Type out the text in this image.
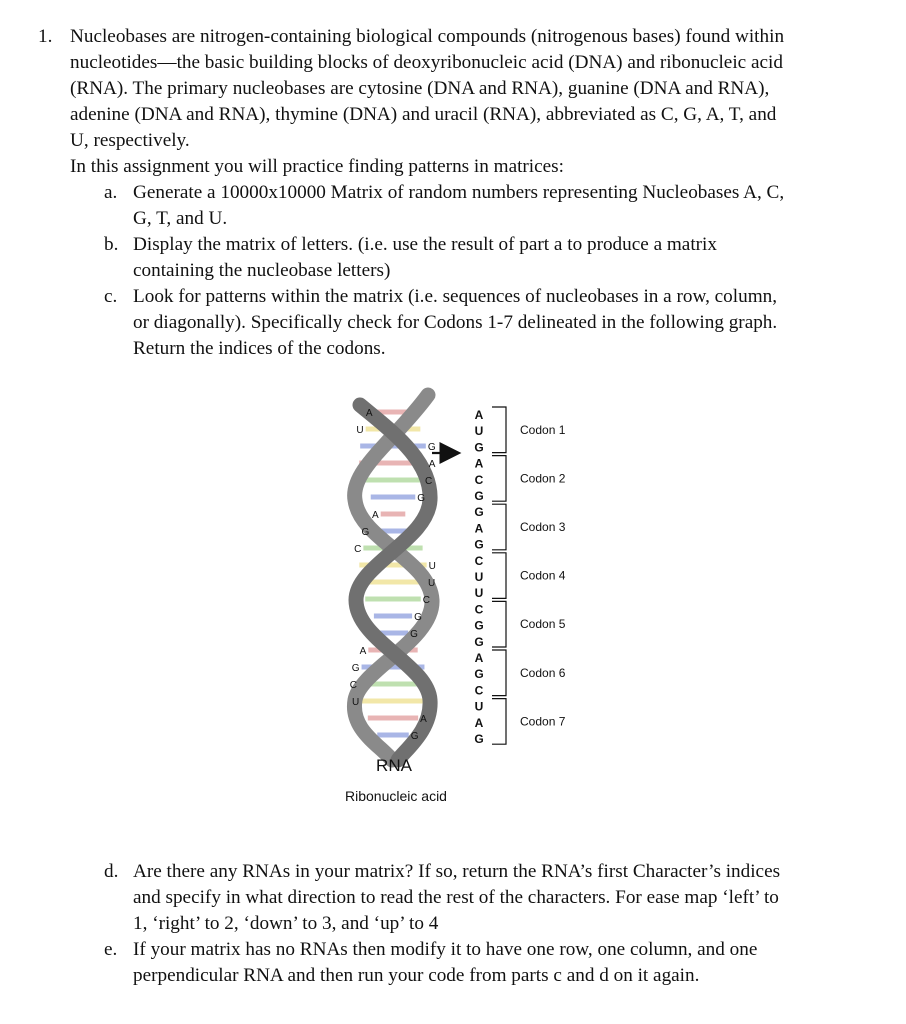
1. Nucleobases are nitrogen-containing biological compounds (nitrogenous bases) found within
nucleotides—the basic building blocks of deoxyribonucleic acid (DNA) and ribonucleic acid
(RNA). The primary nucleobases are cytosine (DNA and RNA), guanine (DNA and RNA),
adenine (DNA and RNA), thymine (DNA) and uracil (RNA), abbreviated as C, G, A, T, and
U, respectively.
In this assignment you will practice finding patterns in matrices:
a. Generate a 10000x10000 Matrix of random numbers representing Nucleobases A, C,
G, T, and U.
b. Display the matrix of letters. (i.e. use the result of part a to produce a matrix
containing the nucleobase letters)
c. Look for patterns within the matrix (i.e. sequences of nucleobases in a row, column,
or diagonally). Specifically check for Codons 1-7 delineated in the following graph.
Return the indices of the codons.
d. Are there any RNAs in your matrix? If so, return the RNA’s first Character’s indices
and specify in what direction to read the rest of the characters. For ease map ‘left’ to
1, ‘right’ to 2, ‘down’ to 3, and ‘up’ to 4
e. If your matrix has no RNAs then modify it to have one row, one column, and one
perpendicular RNA and then run your code from parts c and d on it again.
A
U
G
A
C
G
A
G
C
U
U
C
G
G
A
G
C
U
A
G
A
U
G
A
C
G
G
A
G
C
U
U
C
G
G
A
G
C
U
A
G
Codon 1
Codon 2
Codon 3
Codon 4
Codon 5
Codon 6
Codon 7
RNA
Ribonucleic acid
